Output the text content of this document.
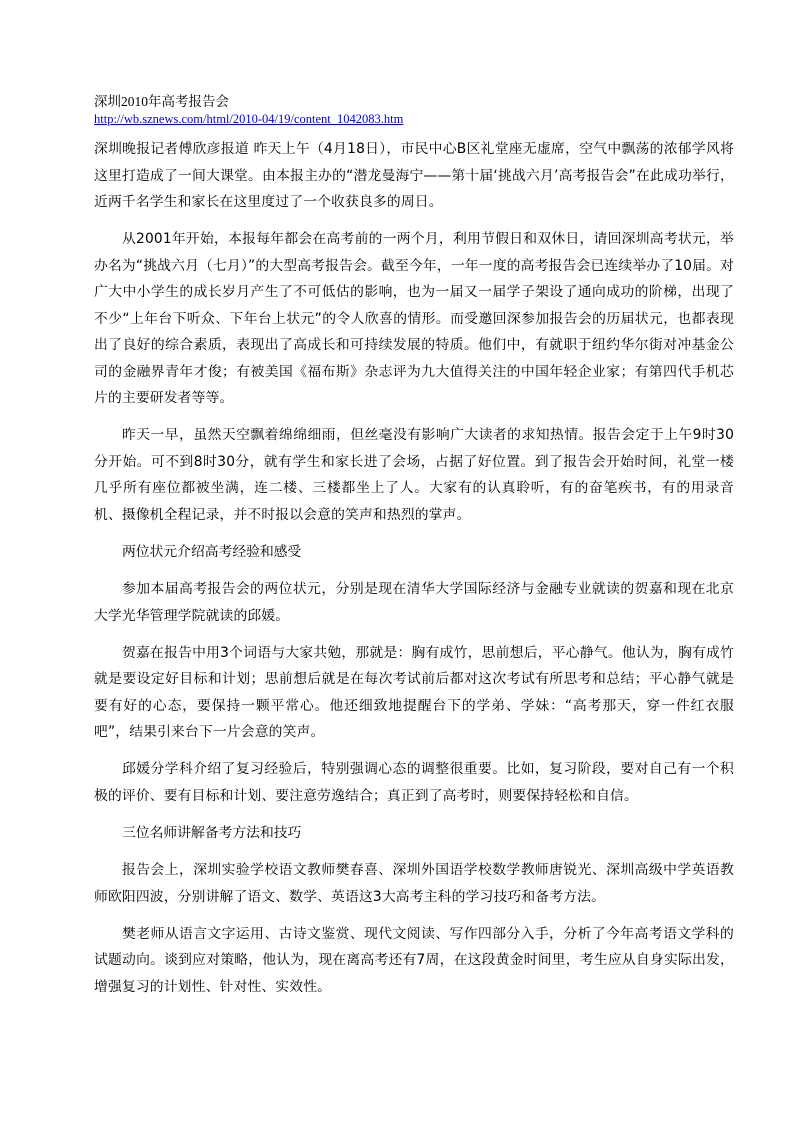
深圳2010年高考报告会
http://wb.sznews.com/html/2010-04/19/content_1042083.htm

深圳晚报记者傅欣彦报道 昨天上午（4月18日），市民中心B区礼堂座无虚席，空气中飘荡的浓郁学风将这里打造成了一间大课堂。由本报主办的“潜龙曼海宁——第十届‘挑战六月’高考报告会”在此成功举行，近两千名学生和家长在这里度过了一个收获良多的周日。

从2001年开始，本报每年都会在高考前的一两个月，利用节假日和双休日，请回深圳高考状元，举办名为“挑战六月（七月）”的大型高考报告会。截至今年，一年一度的高考报告会已连续举办了10届。对广大中小学生的成长岁月产生了不可低估的影响，也为一届又一届学子架设了通向成功的阶梯，出现了不少“上年台下听众、下年台上状元”的令人欣喜的情形。而受邀回深参加报告会的历届状元，也都表现出了良好的综合素质，表现出了高成长和可持续发展的特质。他们中，有就职于纽约华尔街对冲基金公司的金融界青年才俊；有被美国《福布斯》杂志评为九大值得关注的中国年轻企业家；有第四代手机芯片的主要研发者等等。

昨天一早，虽然天空飘着绵绵细雨，但丝毫没有影响广大读者的求知热情。报告会定于上午9时30分开始。可不到8时30分，就有学生和家长进了会场，占据了好位置。到了报告会开始时间，礼堂一楼几乎所有座位都被坐满，连二楼、三楼都坐上了人。大家有的认真聆听，有的奋笔疾书，有的用录音机、摄像机全程记录，并不时报以会意的笑声和热烈的掌声。

两位状元介绍高考经验和感受

参加本届高考报告会的两位状元，分别是现在清华大学国际经济与金融专业就读的贺嘉和现在北京大学光华管理学院就读的邱媛。

贺嘉在报告中用3个词语与大家共勉，那就是：胸有成竹，思前想后，平心静气。他认为，胸有成竹就是要设定好目标和计划；思前想后就是在每次考试前后都对这次考试有所思考和总结；平心静气就是要有好的心态，要保持一颗平常心。他还细致地提醒台下的学弟、学妹：“高考那天，穿一件红衣服吧”，结果引来台下一片会意的笑声。

邱媛分学科介绍了复习经验后，特别强调心态的调整很重要。比如，复习阶段，要对自己有一个积极的评价、要有目标和计划、要注意劳逸结合；真正到了高考时，则要保持轻松和自信。

三位名师讲解备考方法和技巧

报告会上，深圳实验学校语文教师樊春喜、深圳外国语学校数学教师唐锐光、深圳高级中学英语教师欧阳四波，分别讲解了语文、数学、英语这3大高考主科的学习技巧和备考方法。

樊老师从语言文字运用、古诗文鉴赏、现代文阅读、写作四部分入手，分析了今年高考语文学科的试题动向。谈到应对策略，他认为，现在离高考还有7周，在这段黄金时间里，考生应从自身实际出发，增强复习的计划性、针对性、实效性。
